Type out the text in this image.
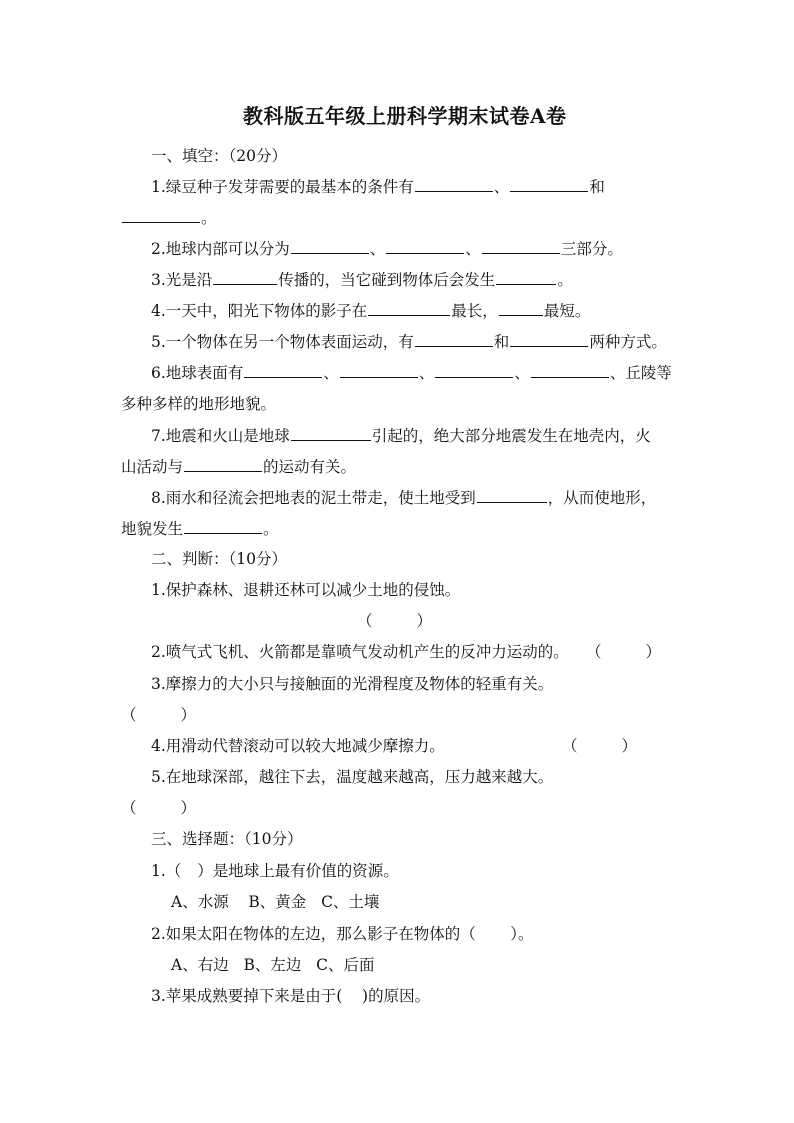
教科版五年级上册科学期末试卷A卷
一、填空：（20分）
1.绿豆种子发芽需要的最基本的条件有	、	和
。
2.地球内部可以分为	、	、	三部分。
3.光是沿	传播的，当它碰到物体后会发生	。
4.一天中，阳光下物体的影子在	最长，	最短。
5.一个物体在另一个物体表面运动，有	和	两种方式。
6.地球表面有	、	、	、	、丘陵等
多种多样的地形地貌。
7.地震和火山是地球	引起的，绝大部分地震发生在地壳内，火
山活动与	的运动有关。
8.雨水和径流会把地表的泥土带走，使土地受到	，从而使地形，
地貌发生	。
二、判断：（10分）
1.保护森林、退耕还林可以减少土地的侵蚀。
（	）
2.喷气式飞机、火箭都是靠喷气发动机产生的反冲力运动的。 （	）
3.摩擦力的大小只与接触面的光滑程度及物体的轻重有关。
（	）
4.用滑动代替滚动可以较大地减少摩擦力。	（	）
5.在地球深部，越往下去，温度越来越高，压力越来越大。
（	）
三、选择题：（10分）
1.（ ）是地球上最有价值的资源。
A、水源    B、黄金   C、土壤
2.如果太阳在物体的左边，那么影子在物体的（       ）。
A、右边   B、左边   C、后面
3.苹果成熟要掉下来是由于(    )的原因。
